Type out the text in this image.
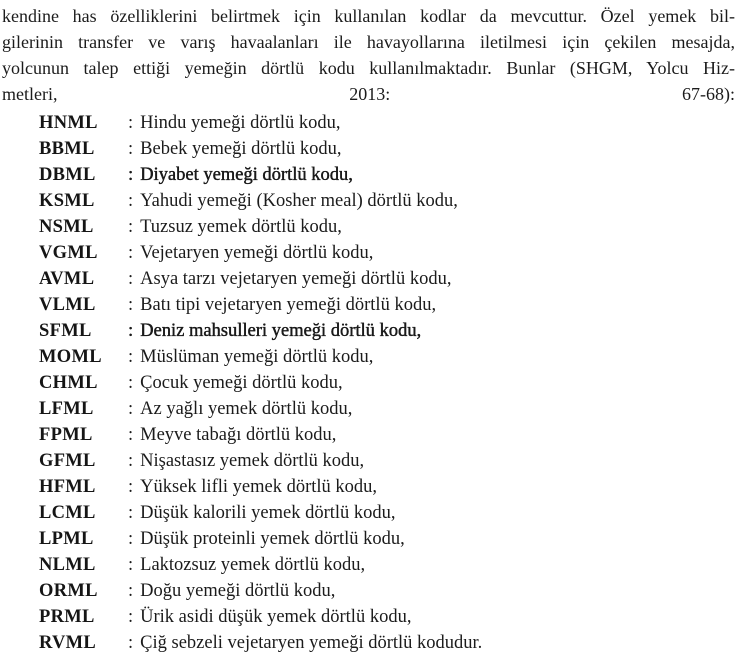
kendine has özelliklerini belirtmek için kullanılan kodlar da mevcuttur. Özel yemek bil-
gilerinin transfer ve varış havaalanları ile havayollarına iletilmesi için çekilen mesajda,
yolcunun talep ettiği yemeğin dörtlü kodu kullanılmaktadır. Bunlar (SHGM, Yolcu Hiz-
metleri, 2013: 67-68):
HNML	: Hindu yemeği dörtlü kodu,
BBML	: Bebek yemeği dörtlü kodu,
DBML	: Diyabet yemeği dörtlü kodu,
KSML	: Yahudi yemeği (Kosher meal) dörtlü kodu,
NSML	: Tuzsuz yemek dörtlü kodu,
VGML	: Vejetaryen yemeği dörtlü kodu,
AVML	: Asya tarzı vejetaryen yemeği dörtlü kodu,
VLML	: Batı tipi vejetaryen yemeği dörtlü kodu,
SFML	: Deniz mahsulleri yemeği dörtlü kodu,
MOML	: Müslüman yemeği dörtlü kodu,
CHML	: Çocuk yemeği dörtlü kodu,
LFML	: Az yağlı yemek dörtlü kodu,
FPML	: Meyve tabağı dörtlü kodu,
GFML	: Nişastasız yemek dörtlü kodu,
HFML	: Yüksek lifli yemek dörtlü kodu,
LCML	: Düşük kalorili yemek dörtlü kodu,
LPML	: Düşük proteinli yemek dörtlü kodu,
NLML	: Laktozsuz yemek dörtlü kodu,
ORML	: Doğu yemeği dörtlü kodu,
PRML	: Ürik asidi düşük yemek dörtlü kodu,
RVML	: Çiğ sebzeli vejetaryen yemeği dörtlü kodudur.
